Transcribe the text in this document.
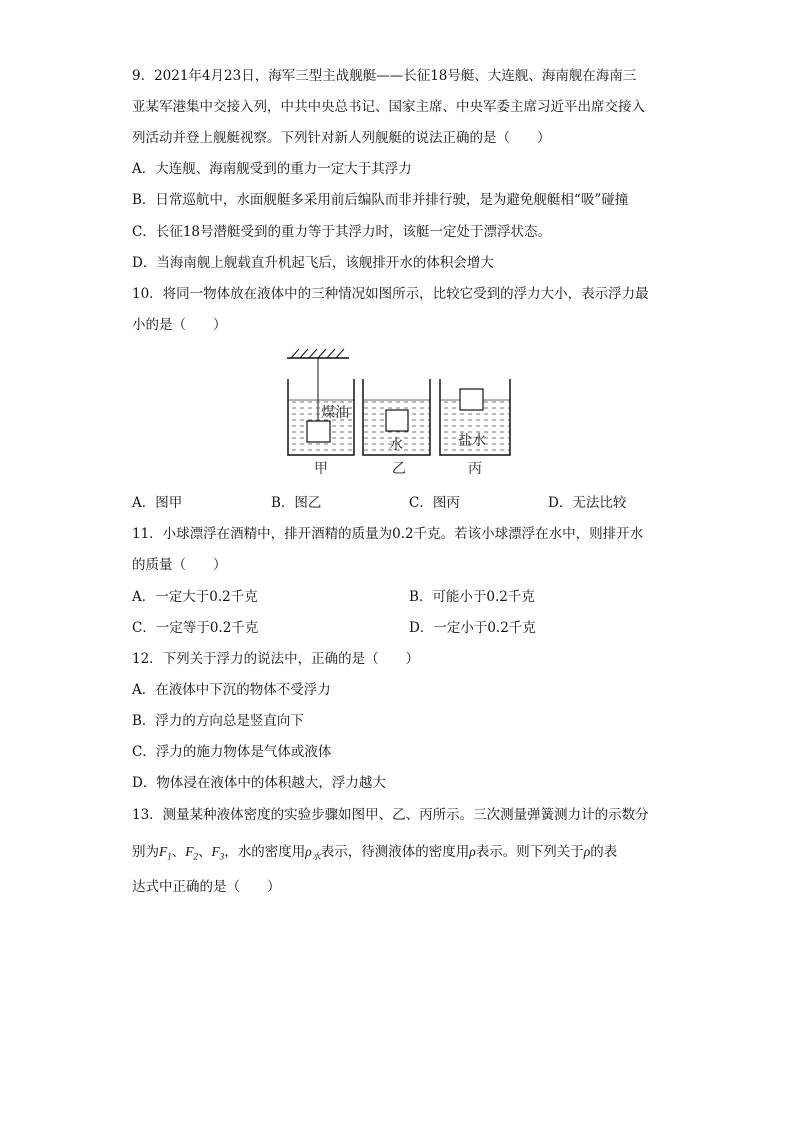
9．2021年4月23日，海军三型主战舰艇——长征18号艇、大连舰、海南舰在海南三
亚某军港集中交接入列，中共中央总书记、国家主席、中央军委主席习近平出席交接入
列活动并登上舰艇视察。下列针对新人列舰艇的说法正确的是（　　）
A．大连舰、海南舰受到的重力一定大于其浮力
B．日常巡航中，水面舰艇多采用前后编队而非并排行驶，是为避免舰艇相“吸”碰撞
C．长征18号潜艇受到的重力等于其浮力时，该艇一定处于漂浮状态。
D．当海南舰上舰载直升机起飞后，该舰排开水的体积会增大
10．将同一物体放在液体中的三种情况如图所示，比较它受到的浮力大小，表示浮力最
小的是（　　）
煤油
水	盐水
甲	乙	丙
A．图甲	B．图乙	C．图丙	D．无法比较
11．小球漂浮在酒精中，排开酒精的质量为0.2千克。若该小球漂浮在水中，则排开水
的质量（　　）
A．一定大于0.2千克	B．可能小于0.2千克
C．一定等于0.2千克	D．一定小于0.2千克
12．下列关于浮力的说法中，正确的是（　　）
A．在液体中下沉的物体不受浮力
B．浮力的方向总是竖直向下
C．浮力的施力物体是气体或液体
D．物体浸在液体中的体积越大，浮力越大
13．测量某种液体密度的实验步骤如图甲、乙、丙所示。三次测量弹簧测力计的示数分
别为$F_1$、$F_2$、$F_3$，水的密度用$\rho_水$表示，待测液体的密度用ρ表示。则下列关于ρ的表
达式中正确的是（　　）
